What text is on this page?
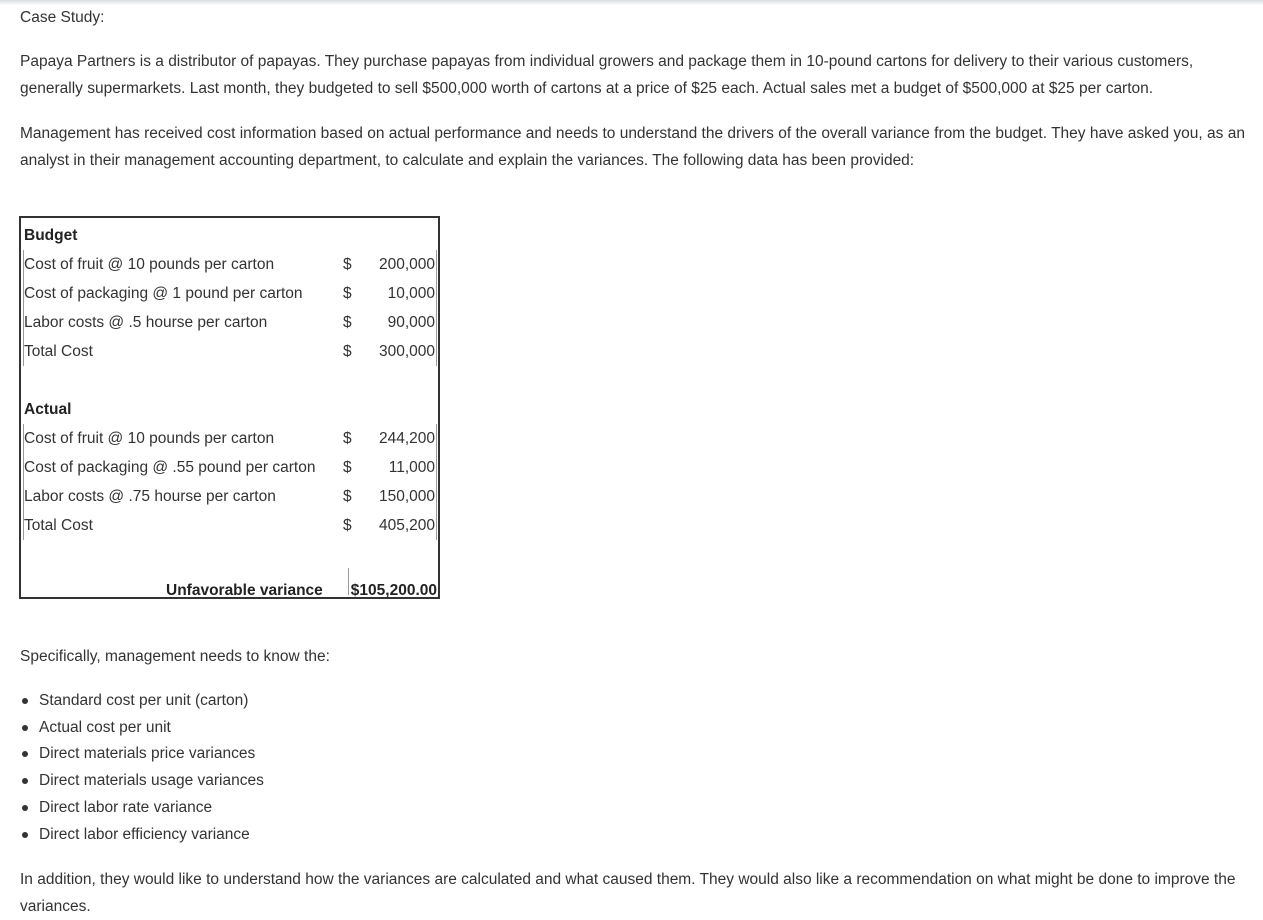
Case Study:

Papaya Partners is a distributor of papayas. They purchase papayas from individual growers and package them in 10-pound cartons for delivery to their various customers, generally supermarkets. Last month, they budgeted to sell $500,000 worth of cartons at a price of $25 each. Actual sales met a budget of $500,000 at $25 per carton.

Management has received cost information based on actual performance and needs to understand the drivers of the overall variance from the budget. They have asked you, as an analyst in their management accounting department, to calculate and explain the variances. The following data has been provided:

Budget
Cost of fruit @ 10 pounds per carton	$ 200,000
Cost of packaging @ 1 pound per carton	$ 10,000
Labor costs @ .5 hourse per carton	$ 90,000
Total Cost	$ 300,000
Actual
Cost of fruit @ 10 pounds per carton	$ 244,200
Cost of packaging @ .55 pound per carton $ 11,000
Labor costs @ .75 hourse per carton	$ 150,000
Total Cost	$ 405,200
Unfavorable variance $105,200.00

Specifically, management needs to know the:

Standard cost per unit (carton)
Actual cost per unit
Direct materials price variances
Direct materials usage variances
Direct labor rate variance
Direct labor efficiency variance

In addition, they would like to understand how the variances are calculated and what caused them. They would also like a recommendation on what might be done to improve the variances.
